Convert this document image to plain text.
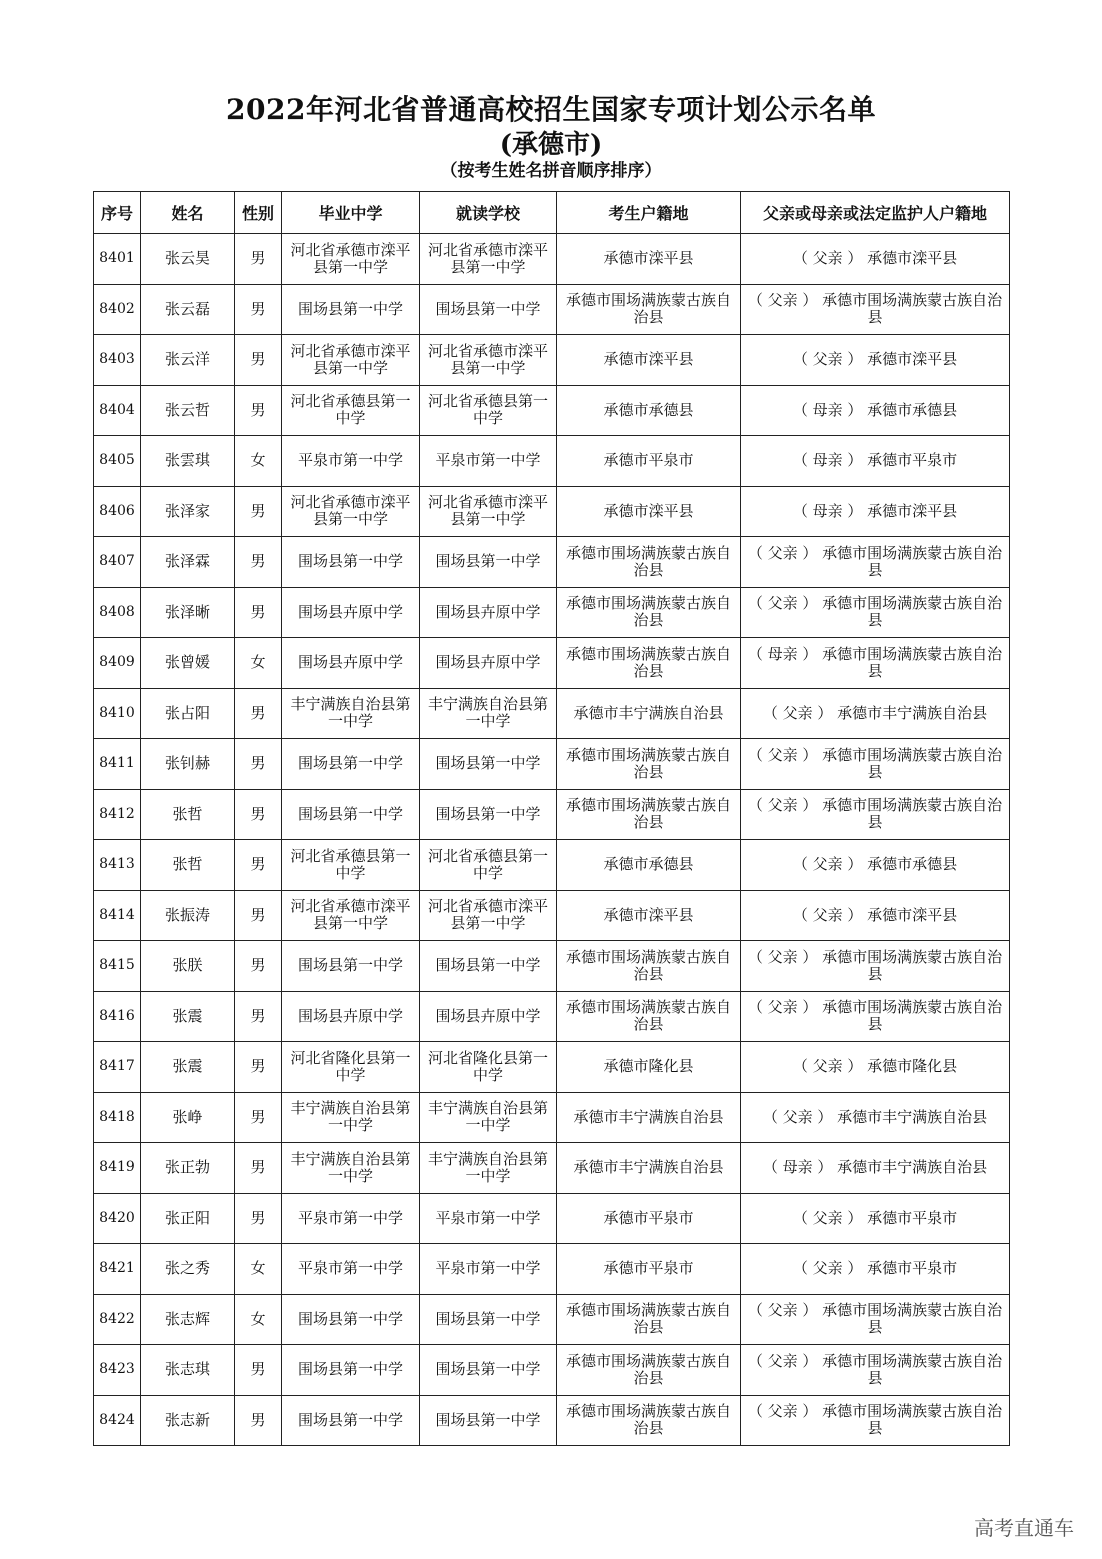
2022年河北省普通高校招生国家专项计划公示名单
(承德市)
（按考生姓名拼音顺序排序）
序号	姓名	性别	毕业中学	就读学校	考生户籍地	父亲或母亲或法定监护人户籍地
8401	张云昊	男	河北省承德市滦平县第一中学	河北省承德市滦平县第一中学	承德市滦平县	（ 父亲 ） 承德市滦平县
8402	张云磊	男	围场县第一中学	围场县第一中学	承德市围场满族蒙古族自治县	（ 父亲 ） 承德市围场满族蒙古族自治县
8403	张云洋	男	河北省承德市滦平县第一中学	河北省承德市滦平县第一中学	承德市滦平县	（ 父亲 ） 承德市滦平县
8404	张云哲	男	河北省承德县第一中学	河北省承德县第一中学	承德市承德县	（ 母亲 ） 承德市承德县
8405	张雲琪	女	平泉市第一中学	平泉市第一中学	承德市平泉市	（ 母亲 ） 承德市平泉市
8406	张泽家	男	河北省承德市滦平县第一中学	河北省承德市滦平县第一中学	承德市滦平县	（ 母亲 ） 承德市滦平县
8407	张泽霖	男	围场县第一中学	围场县第一中学	承德市围场满族蒙古族自治县	（ 父亲 ） 承德市围场满族蒙古族自治县
8408	张泽晰	男	围场县卉原中学	围场县卉原中学	承德市围场满族蒙古族自治县	（ 父亲 ） 承德市围场满族蒙古族自治县
8409	张曾媛	女	围场县卉原中学	围场县卉原中学	承德市围场满族蒙古族自治县	（ 母亲 ） 承德市围场满族蒙古族自治县
8410	张占阳	男	丰宁满族自治县第一中学	丰宁满族自治县第一中学	承德市丰宁满族自治县	（ 父亲 ） 承德市丰宁满族自治县
8411	张钊赫	男	围场县第一中学	围场县第一中学	承德市围场满族蒙古族自治县	（ 父亲 ） 承德市围场满族蒙古族自治县
8412	张哲	男	围场县第一中学	围场县第一中学	承德市围场满族蒙古族自治县	（ 父亲 ） 承德市围场满族蒙古族自治县
8413	张哲	男	河北省承德县第一中学	河北省承德县第一中学	承德市承德县	（ 父亲 ） 承德市承德县
8414	张振涛	男	河北省承德市滦平县第一中学	河北省承德市滦平县第一中学	承德市滦平县	（ 父亲 ） 承德市滦平县
8415	张朕	男	围场县第一中学	围场县第一中学	承德市围场满族蒙古族自治县	（ 父亲 ） 承德市围场满族蒙古族自治县
8416	张震	男	围场县卉原中学	围场县卉原中学	承德市围场满族蒙古族自治县	（ 父亲 ） 承德市围场满族蒙古族自治县
8417	张震	男	河北省隆化县第一中学	河北省隆化县第一中学	承德市隆化县	（ 父亲 ） 承德市隆化县
8418	张峥	男	丰宁满族自治县第一中学	丰宁满族自治县第一中学	承德市丰宁满族自治县	（ 父亲 ） 承德市丰宁满族自治县
8419	张正勃	男	丰宁满族自治县第一中学	丰宁满族自治县第一中学	承德市丰宁满族自治县	（ 母亲 ） 承德市丰宁满族自治县
8420	张正阳	男	平泉市第一中学	平泉市第一中学	承德市平泉市	（ 父亲 ） 承德市平泉市
8421	张之秀	女	平泉市第一中学	平泉市第一中学	承德市平泉市	（ 父亲 ） 承德市平泉市
8422	张志辉	女	围场县第一中学	围场县第一中学	承德市围场满族蒙古族自治县	（ 父亲 ） 承德市围场满族蒙古族自治县
8423	张志琪	男	围场县第一中学	围场县第一中学	承德市围场满族蒙古族自治县	（ 父亲 ） 承德市围场满族蒙古族自治县
8424	张志新	男	围场县第一中学	围场县第一中学	承德市围场满族蒙古族自治县	（ 父亲 ） 承德市围场满族蒙古族自治县
高考直通车
